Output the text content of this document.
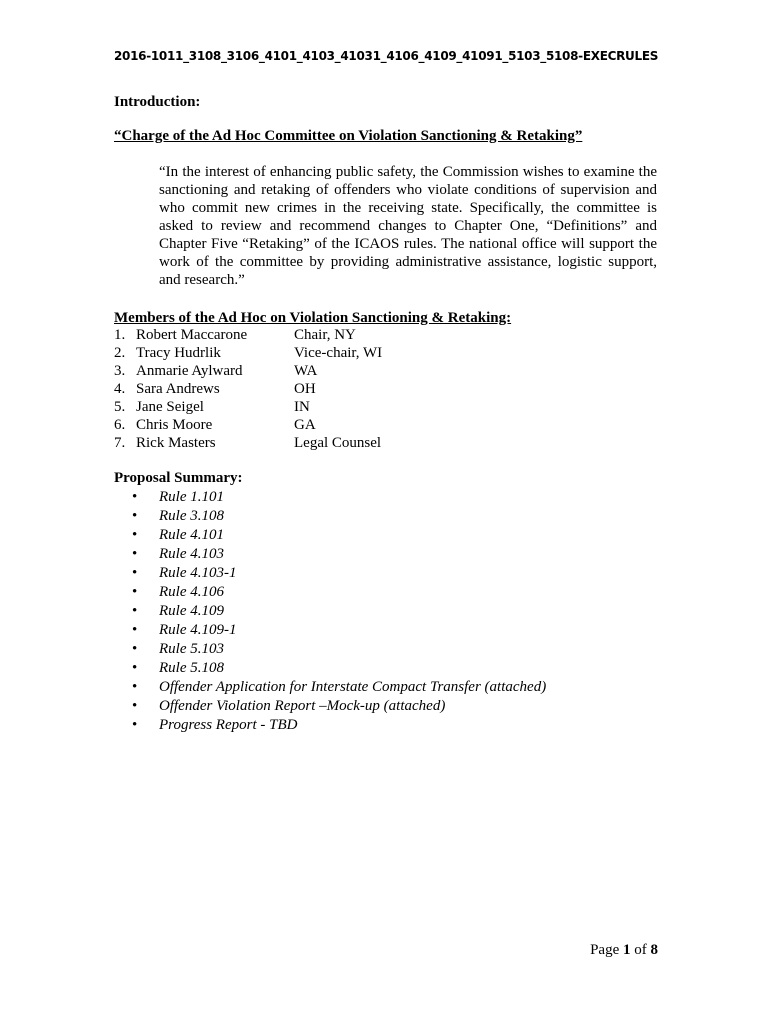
2016-1011_3108_3106_4101_4103_41031_4106_4109_41091_5103_5108-EXECRULES
Introduction:
“Charge of the Ad Hoc Committee on Violation Sanctioning & Retaking”
“In the interest of enhancing public safety, the Commission wishes to examine the sanctioning and retaking of offenders who violate conditions of supervision and who commit new crimes in the receiving state. Specifically, the committee is asked to review and recommend changes to Chapter One, “Definitions” and Chapter Five “Retaking” of the ICAOS rules. The national office will support the work of the committee by providing administrative assistance, logistic support, and research.”
Members of the Ad Hoc on Violation Sanctioning & Retaking:
1. Robert Maccarone	Chair, NY
2. Tracy Hudrlik	Vice-chair, WI
3. Anmarie Aylward	WA
4. Sara Andrews	OH
5. Jane Seigel	IN
6. Chris Moore	GA
7. Rick Masters	Legal Counsel
Proposal Summary:
• Rule 1.101
• Rule 3.108
• Rule 4.101
• Rule 4.103
• Rule 4.103-1
• Rule 4.106
• Rule 4.109
• Rule 4.109-1
• Rule 5.103
• Rule 5.108
• Offender Application for Interstate Compact Transfer (attached)
• Offender Violation Report –Mock-up (attached)
• Progress Report - TBD
Page 1 of 8
